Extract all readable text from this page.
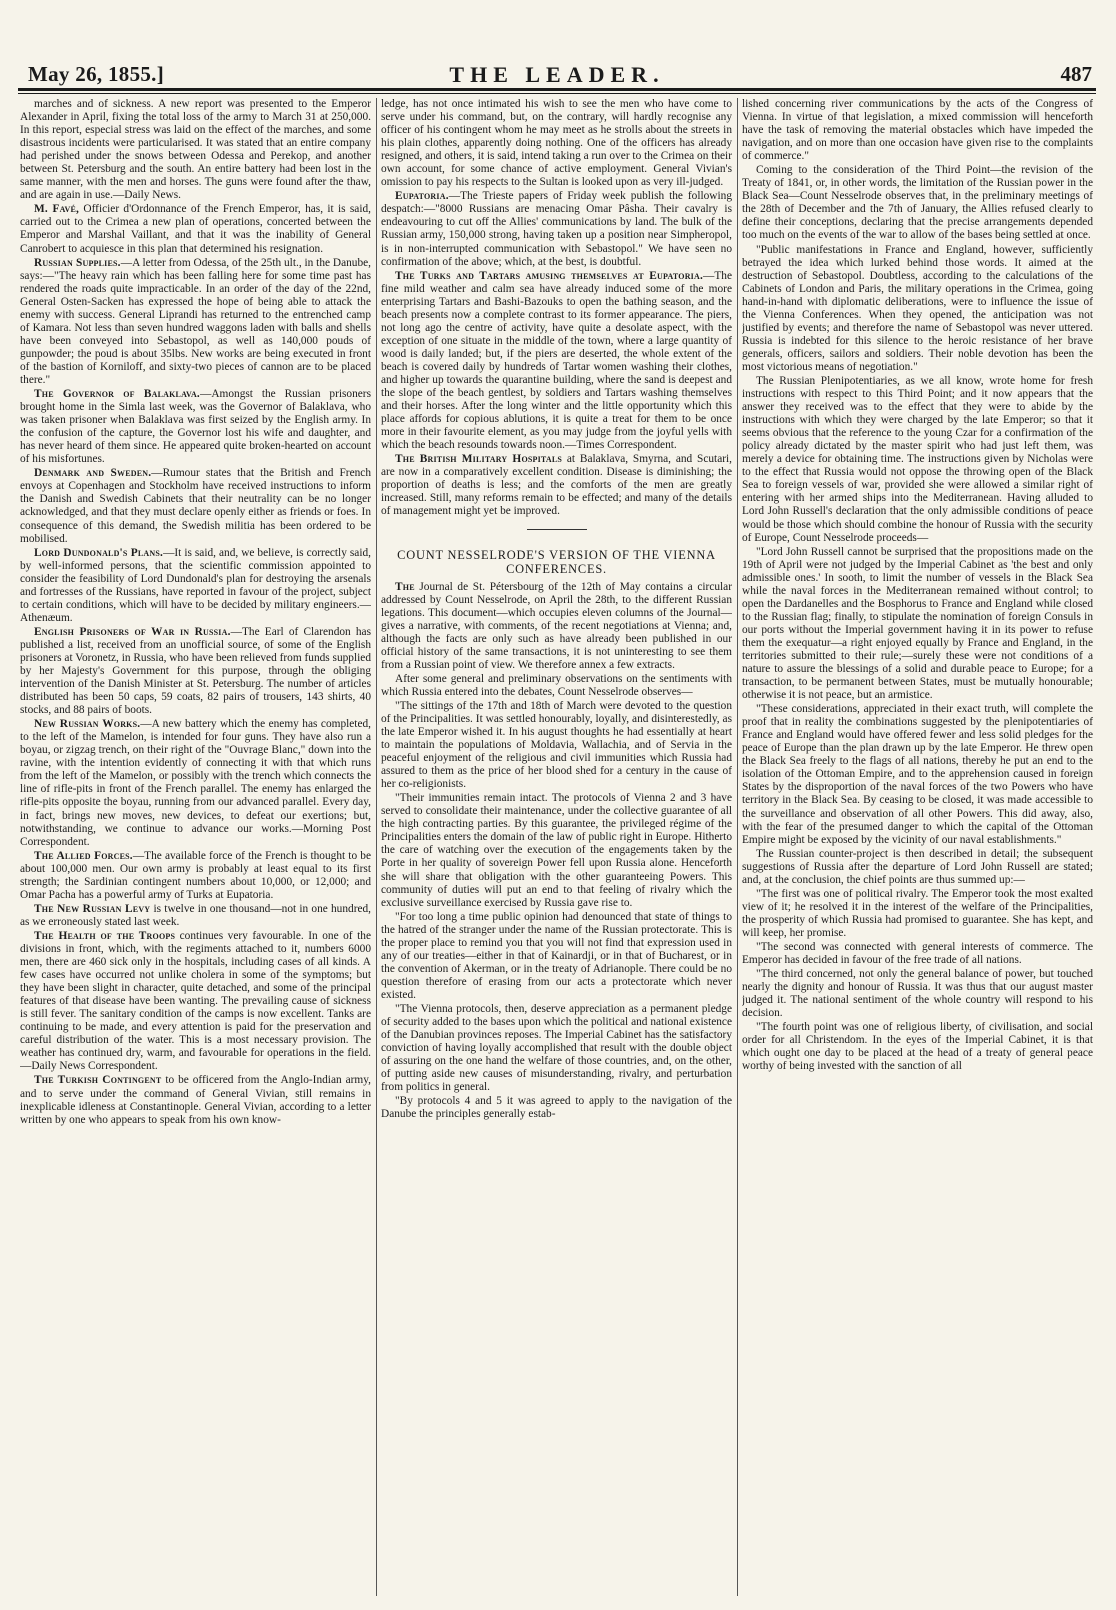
May 26, 1855.]	THE LEADER.	487

marches and of sickness. A new report was presented to the Emperor Alexander in April, fixing the total loss of the army to March 31 at 250,000. In this report, especial stress was laid on the effect of the marches, and some disastrous incidents were particularised. It was stated that an entire company had perished under the snows between Odessa and Perekop, and another between St. Petersburg and the south. An entire battery had been lost in the same manner, with the men and horses. The guns were found after the thaw, and are again in use.—Daily News.

M. Favé, Officier d'Ordonnance of the French Emperor, has, it is said, carried out to the Crimea a new plan of operations, concerted between the Emperor and Marshal Vaillant, and that it was the inability of General Canrobert to acquiesce in this plan that determined his resignation.

Russian Supplies.—A letter from Odessa, of the 25th ult., in the Danube, says:—"The heavy rain which has been falling here for some time past has rendered the roads quite impracticable. In an order of the day of the 22nd, General Osten-Sacken has expressed the hope of being able to attack the enemy with success. General Liprandi has returned to the entrenched camp of Kamara. Not less than seven hundred waggons laden with balls and shells have been conveyed into Sebastopol, as well as 140,000 pouds of gunpowder; the poud is about 35lbs. New works are being executed in front of the bastion of Korniloff, and sixty-two pieces of cannon are to be placed there."

The Governor of Balaklava.—Amongst the Russian prisoners brought home in the Simla last week, was the Governor of Balaklava, who was taken prisoner when Balaklava was first seized by the English army. In the confusion of the capture, the Governor lost his wife and daughter, and has never heard of them since. He appeared quite broken-hearted on account of his misfortunes.

Denmark and Sweden.—Rumour states that the British and French envoys at Copenhagen and Stockholm have received instructions to inform the Danish and Swedish Cabinets that their neutrality can be no longer acknowledged, and that they must declare openly either as friends or foes. In consequence of this demand, the Swedish militia has been ordered to be mobilised.

Lord Dundonald's Plans.—It is said, and, we believe, is correctly said, by well-informed persons, that the scientific commission appointed to consider the feasibility of Lord Dundonald's plan for destroying the arsenals and fortresses of the Russians, have reported in favour of the project, subject to certain conditions, which will have to be decided by military engineers.—Athenæum.

English Prisoners of War in Russia.—The Earl of Clarendon has published a list, received from an unofficial source, of some of the English prisoners at Voronetz, in Russia, who have been relieved from funds supplied by her Majesty's Government for this purpose, through the obliging intervention of the Danish Minister at St. Petersburg. The number of articles distributed has been 50 caps, 59 coats, 82 pairs of trousers, 143 shirts, 40 stocks, and 88 pairs of boots.

New Russian Works.—A new battery which the enemy has completed, to the left of the Mamelon, is intended for four guns. They have also run a boyau, or zigzag trench, on their right of the "Ouvrage Blanc," down into the ravine, with the intention evidently of connecting it with that which runs from the left of the Mamelon, or possibly with the trench which connects the line of rifle-pits in front of the French parallel. The enemy has enlarged the rifle-pits opposite the boyau, running from our advanced parallel. Every day, in fact, brings new moves, new devices, to defeat our exertions; but, notwithstanding, we continue to advance our works.—Morning Post Correspondent.

The Allied Forces.—The available force of the French is thought to be about 100,000 men. Our own army is probably at least equal to its first strength; the Sardinian contingent numbers about 10,000, or 12,000; and Omar Pacha has a powerful army of Turks at Eupatoria.

The New Russian Levy is twelve in one thousand—not in one hundred, as we erroneously stated last week.

The Health of the Troops continues very favourable. In one of the divisions in front, which, with the regiments attached to it, numbers 6000 men, there are 460 sick only in the hospitals, including cases of all kinds. A few cases have occurred not unlike cholera in some of the symptoms; but they have been slight in character, quite detached, and some of the principal features of that disease have been wanting. The prevailing cause of sickness is still fever. The sanitary condition of the camps is now excellent. Tanks are continuing to be made, and every attention is paid for the preservation and careful distribution of the water. This is a most necessary provision. The weather has continued dry, warm, and favourable for operations in the field.—Daily News Correspondent.

The Turkish Contingent to be officered from the Anglo-Indian army, and to serve under the command of General Vivian, still remains in inexplicable idleness at Constantinople. General Vivian, according to a letter written by one who appears to speak from his own know-

ledge, has not once intimated his wish to see the men who have come to serve under his command, but, on the contrary, will hardly recognise any officer of his contingent whom he may meet as he strolls about the streets in his plain clothes, apparently doing nothing. One of the officers has already resigned, and others, it is said, intend taking a run over to the Crimea on their own account, for some chance of active employment. General Vivian's omission to pay his respects to the Sultan is looked upon as very ill-judged.

Eupatoria.—The Trieste papers of Friday week publish the following despatch:—"8000 Russians are menacing Omar Pâsha. Their cavalry is endeavouring to cut off the Allies' communications by land. The bulk of the Russian army, 150,000 strong, having taken up a position near Simpheropol, is in non-interrupted communication with Sebastopol." We have seen no confirmation of the above; which, at the best, is doubtful.

The Turks and Tartars amusing themselves at Eupatoria.—The fine mild weather and calm sea have already induced some of the more enterprising Tartars and Bashi-Bazouks to open the bathing season, and the beach presents now a complete contrast to its former appearance. The piers, not long ago the centre of activity, have quite a desolate aspect, with the exception of one situate in the middle of the town, where a large quantity of wood is daily landed; but, if the piers are deserted, the whole extent of the beach is covered daily by hundreds of Tartar women washing their clothes, and higher up towards the quarantine building, where the sand is deepest and the slope of the beach gentlest, by soldiers and Tartars washing themselves and their horses. After the long winter and the little opportunity which this place affords for copious ablutions, it is quite a treat for them to be once more in their favourite element, as you may judge from the joyful yells with which the beach resounds towards noon.—Times Correspondent.

The British Military Hospitals at Balaklava, Smyrna, and Scutari, are now in a comparatively excellent condition. Disease is diminishing; the proportion of deaths is less; and the comforts of the men are greatly increased. Still, many reforms remain to be effected; and many of the details of management might yet be improved.

COUNT NESSELRODE'S VERSION OF THE VIENNA CONFERENCES.

The Journal de St. Pétersbourg of the 12th of May contains a circular addressed by Count Nesselrode, on April the 28th, to the different Russian legations. This document—which occupies eleven columns of the Journal—gives a narrative, with comments, of the recent negotiations at Vienna; and, although the facts are only such as have already been published in our official history of the same transactions, it is not uninteresting to see them from a Russian point of view. We therefore annex a few extracts.

After some general and preliminary observations on the sentiments with which Russia entered into the debates, Count Nesselrode observes—

"The sittings of the 17th and 18th of March were devoted to the question of the Principalities. It was settled honourably, loyally, and disinterestedly, as the late Emperor wished it. In his august thoughts he had essentially at heart to maintain the populations of Moldavia, Wallachia, and of Servia in the peaceful enjoyment of the religious and civil immunities which Russia had assured to them as the price of her blood shed for a century in the cause of her co-religionists.

"Their immunities remain intact. The protocols of Vienna 2 and 3 have served to consolidate their maintenance, under the collective guarantee of all the high contracting parties. By this guarantee, the privileged régime of the Principalities enters the domain of the law of public right in Europe. Hitherto the care of watching over the execution of the engagements taken by the Porte in her quality of sovereign Power fell upon Russia alone. Henceforth she will share that obligation with the other guaranteeing Powers. This community of duties will put an end to that feeling of rivalry which the exclusive surveillance exercised by Russia gave rise to.

"For too long a time public opinion had denounced that state of things to the hatred of the stranger under the name of the Russian protectorate. This is the proper place to remind you that you will not find that expression used in any of our treaties—either in that of Kainardji, or in that of Bucharest, or in the convention of Akerman, or in the treaty of Adrianople. There could be no question therefore of erasing from our acts a protectorate which never existed.

"The Vienna protocols, then, deserve appreciation as a permanent pledge of security added to the bases upon which the political and national existence of the Danubian provinces reposes. The Imperial Cabinet has the satisfactory conviction of having loyally accomplished that result with the double object of assuring on the one hand the welfare of those countries, and, on the other, of putting aside new causes of misunderstanding, rivalry, and perturbation from politics in general.

"By protocols 4 and 5 it was agreed to apply to the navigation of the Danube the principles generally estab-

lished concerning river communications by the acts of the Congress of Vienna. In virtue of that legislation, a mixed commission will henceforth have the task of removing the material obstacles which have impeded the navigation, and on more than one occasion have given rise to the complaints of commerce."

Coming to the consideration of the Third Point—the revision of the Treaty of 1841, or, in other words, the limitation of the Russian power in the Black Sea—Count Nesselrode observes that, in the preliminary meetings of the 28th of December and the 7th of January, the Allies refused clearly to define their conceptions, declaring that the precise arrangements depended too much on the events of the war to allow of the bases being settled at once.

"Public manifestations in France and England, however, sufficiently betrayed the idea which lurked behind those words. It aimed at the destruction of Sebastopol. Doubtless, according to the calculations of the Cabinets of London and Paris, the military operations in the Crimea, going hand-in-hand with diplomatic deliberations, were to influence the issue of the Vienna Conferences. When they opened, the anticipation was not justified by events; and therefore the name of Sebastopol was never uttered. Russia is indebted for this silence to the heroic resistance of her brave generals, officers, sailors and soldiers. Their noble devotion has been the most victorious means of negotiation."

The Russian Plenipotentiaries, as we all know, wrote home for fresh instructions with respect to this Third Point; and it now appears that the answer they received was to the effect that they were to abide by the instructions with which they were charged by the late Emperor; so that it seems obvious that the reference to the young Czar for a confirmation of the policy already dictated by the master spirit who had just left them, was merely a device for obtaining time. The instructions given by Nicholas were to the effect that Russia would not oppose the throwing open of the Black Sea to foreign vessels of war, provided she were allowed a similar right of entering with her armed ships into the Mediterranean. Having alluded to Lord John Russell's declaration that the only admissible conditions of peace would be those which should combine the honour of Russia with the security of Europe, Count Nesselrode proceeds—

"Lord John Russell cannot be surprised that the propositions made on the 19th of April were not judged by the Imperial Cabinet as 'the best and only admissible ones.' In sooth, to limit the number of vessels in the Black Sea while the naval forces in the Mediterranean remained without control; to open the Dardanelles and the Bosphorus to France and England while closed to the Russian flag; finally, to stipulate the nomination of foreign Consuls in our ports without the Imperial government having it in its power to refuse them the exequatur—a right enjoyed equally by France and England, in the territories submitted to their rule;—surely these were not conditions of a nature to assure the blessings of a solid and durable peace to Europe; for a transaction, to be permanent between States, must be mutually honourable; otherwise it is not peace, but an armistice.

"These considerations, appreciated in their exact truth, will complete the proof that in reality the combinations suggested by the plenipotentiaries of France and England would have offered fewer and less solid pledges for the peace of Europe than the plan drawn up by the late Emperor. He threw open the Black Sea freely to the flags of all nations, thereby he put an end to the isolation of the Ottoman Empire, and to the apprehension caused in foreign States by the disproportion of the naval forces of the two Powers who have territory in the Black Sea. By ceasing to be closed, it was made accessible to the surveillance and observation of all other Powers. This did away, also, with the fear of the presumed danger to which the capital of the Ottoman Empire might be exposed by the vicinity of our naval establishments."

The Russian counter-project is then described in detail; the subsequent suggestions of Russia after the departure of Lord John Russell are stated; and, at the conclusion, the chief points are thus summed up:—

"The first was one of political rivalry. The Emperor took the most exalted view of it; he resolved it in the interest of the welfare of the Principalities, the prosperity of which Russia had promised to guarantee. She has kept, and will keep, her promise.

"The second was connected with general interests of commerce. The Emperor has decided in favour of the free trade of all nations.

"The third concerned, not only the general balance of power, but touched nearly the dignity and honour of Russia. It was thus that our august master judged it. The national sentiment of the whole country will respond to his decision.

"The fourth point was one of religious liberty, of civilisation, and social order for all Christendom. In the eyes of the Imperial Cabinet, it is that which ought one day to be placed at the head of a treaty of general peace worthy of being invested with the sanction of all
